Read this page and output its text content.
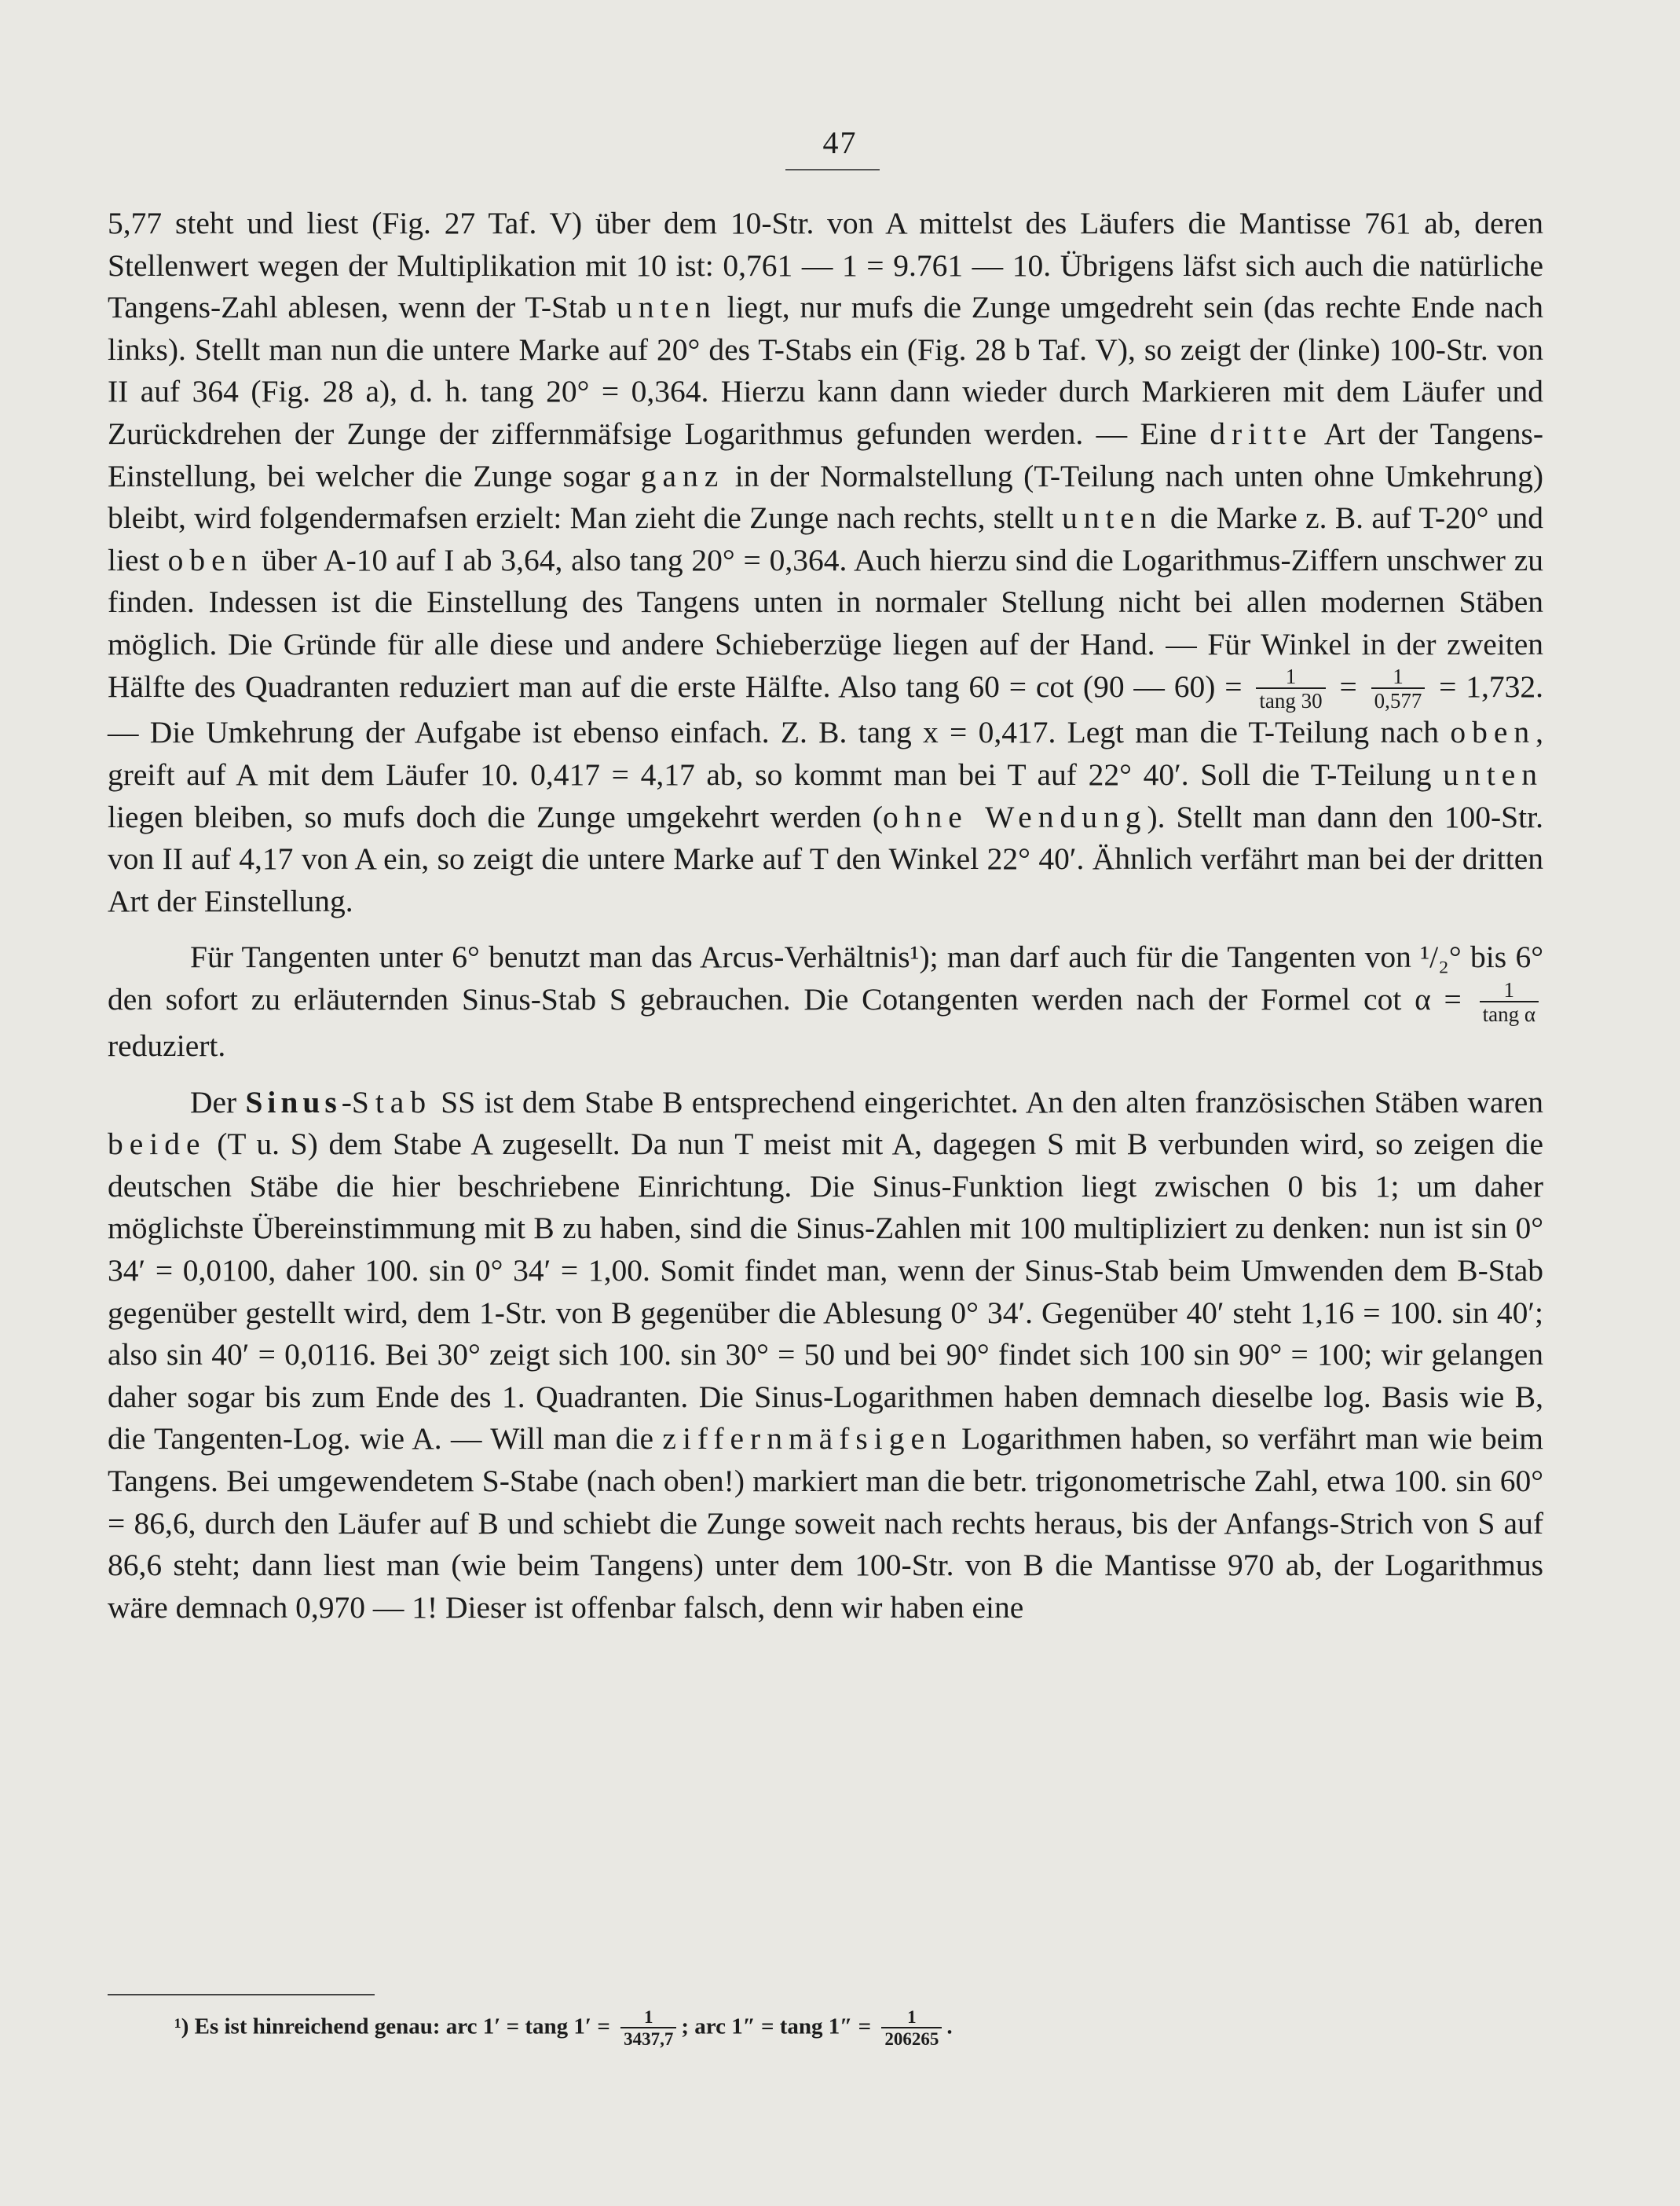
47

5,77 steht und liest (Fig. 27 Taf. V) über dem 10-Str. von A mittelst des Läufers die Mantisse 761 ab, deren Stellenwert wegen der Multiplikation mit 10 ist: 0,761 — 1 = 9.761 — 10. Übrigens läfst sich auch die natürliche Tangens-Zahl ablesen, wenn der T-Stab unten liegt, nur mufs die Zunge umgedreht sein (das rechte Ende nach links). Stellt man nun die untere Marke auf 20° des T-Stabs ein (Fig. 28 b Taf. V), so zeigt der (linke) 100-Str. von II auf 364 (Fig. 28 a), d. h. tang 20° = 0,364. Hierzu kann dann wieder durch Markieren mit dem Läufer und Zurückdrehen der Zunge der ziffernmäfsige Logarithmus gefunden werden. — Eine dritte Art der Tangens-Einstellung, bei welcher die Zunge sogar ganz in der Normalstellung (T-Teilung nach unten ohne Umkehrung) bleibt, wird folgendermafsen erzielt: Man zieht die Zunge nach rechts, stellt unten die Marke z. B. auf T-20° und liest oben über A-10 auf I ab 3,64, also tang 20° = 0,364. Auch hierzu sind die Logarithmus-Ziffern unschwer zu finden. Indessen ist die Einstellung des Tangens unten in normaler Stellung nicht bei allen modernen Stäben möglich. Die Gründe für alle diese und andere Schieberzüge liegen auf der Hand. — Für Winkel in der zweiten Hälfte des Quadranten reduziert man auf die erste Hälfte. Also tang 60 = cot (90 — $60) = \frac{1}{\tan g 30} = \frac{1}{0,577} = 1,732$. — Die Umkehrung der Aufgabe ist ebenso einfach. Z. B. tang x = 0,417. Legt man die T-Teilung nach oben, greift auf A mit dem Läufer 10. 0,417 = 4,17 ab, so kommt man bei T auf 22° 40′. Soll die T-Teilung unten liegen bleiben, so mufs doch die Zunge umgekehrt werden (ohne Wendung). Stellt man dann den 100-Str. von II auf 4,17 von A ein, so zeigt die untere Marke auf T den Winkel 22° 40′. Ähnlich verfährt man bei der dritten Art der Einstellung.

Für Tangenten unter 6° benutzt man das Arcus-Verhältnis¹); man darf auch für die Tangenten von ¹/₂° bis 6° den sofort zu erläuternden Sinus-Stab S gebrauchen. Die Cotangenten werden nach der Formel $\cot \alpha = \frac{1}{\text{tang α}}$
reduziert.

Der Sinus-Stab SS ist dem Stabe B entsprechend eingerichtet. An den alten französischen Stäben waren beide (T u. S) dem Stabe A zugesellt. Da nun T meist mit A, dagegen S mit B verbunden wird, so zeigen die deutschen Stäbe die hier beschriebene Einrichtung. Die Sinus-Funktion liegt zwischen 0 bis 1; um daher möglichste Übereinstimmung mit B zu haben, sind die Sinus-Zahlen mit 100 multipliziert zu denken: nun ist sin 0° 34′ = 0,0100, daher 100. sin 0° 34′ = 1,00. Somit findet man, wenn der Sinus-Stab beim Umwenden dem B-Stab gegenüber gestellt wird, dem 1-Str. von B gegenüber die Ablesung 0° 34′. Gegenüber 40′ steht 1,16 = 100. sin 40′; also sin 40′ = 0,0116. Bei 30° zeigt sich 100. sin 30° = 50 und bei 90° findet sich 100 sin 90° = 100; wir gelangen daher sogar bis zum Ende des 1. Quadranten. Die Sinus-Logarithmen haben demnach dieselbe log. Basis wie B, die Tangenten-Log. wie A. — Will man die ziffernmäfsigen Logarithmen haben, so verfährt man wie beim Tangens. Bei umgewendetem S-Stabe (nach oben!) markiert man die betr. trigonometrische Zahl, etwa 100. sin 60° = 86,6, durch den Läufer auf B und schiebt die Zunge soweit nach rechts heraus, bis der Anfangs-Strich von S auf 86,6 steht; dann liest man (wie beim Tangens) unter dem 100-Str. von B die Mantisse 970 ab, der Logarithmus wäre demnach 0,970 — 1! Dieser ist offenbar falsch, denn wir haben eine

¹) Es ist hinreichend genau: arc 1′ = tang $1' = \frac{1}{3437,7}$ ; arc 1″ = tang $1'' = \frac{1}{206265}$ .
